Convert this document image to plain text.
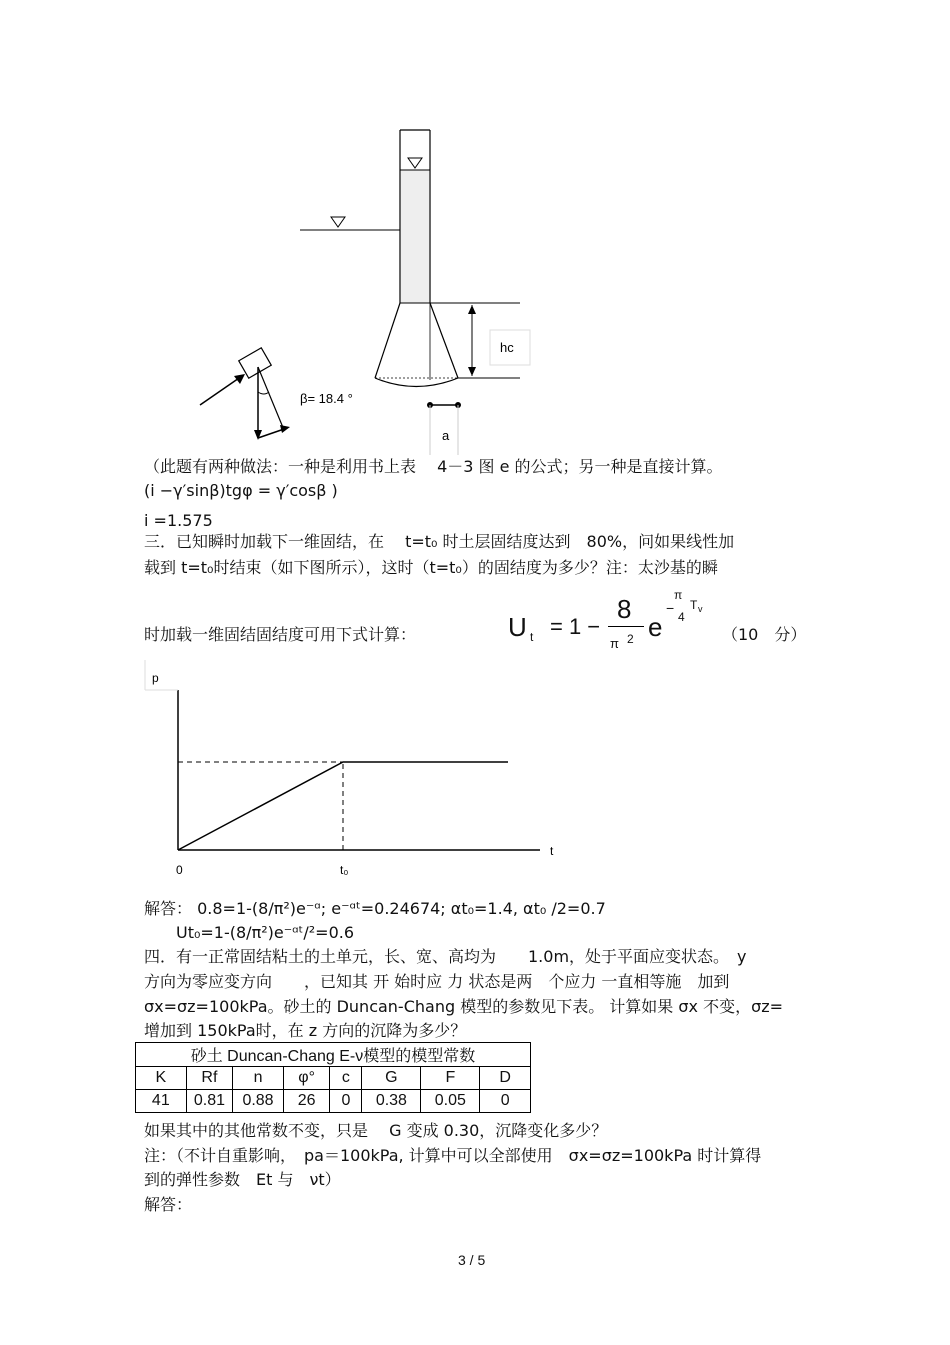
hc
a
β= 18.4 °
（此题有两种做法：一种是利用书上表　 4－3 图 e 的公式；另一种是直接计算。
(i −γ′sinβ)tgφ = γ′cosβ )
i =1.575
三．已知瞬时加载下一维固结，在　 t=t₀ 时土层固结度达到　80%，问如果线性加
载到 t=t₀时结束（如下图所示），这时（t=t₀）的固结度为多少？注：太沙基的瞬
时加载一维固结固结度可用下式计算：	U t = 1 −
8
π 2 e
−
π
4
T v
（10　分）
p
t
0	t₀
解答： 0.8=1-(8/π²)e⁻ᵅ; e⁻ᵅᵗ=0.24674; αt₀=1.4, αt₀ /2=0.7
Ut₀=1-(8/π²)e⁻ᵅᵗ/²=0.6
四．有一正常固结粘土的土单元，长、宽、高均为　　1.0m，处于平面应变状态。　y
方向为零应变方向　　，已知其 开 始时应 力 状态是两　个应力 一直相等施　加到
σx=σz=100kPa。砂土的 Duncan-Chang 模型的参数见下表。 计算如果 σx 不变，σz=
增加到 150kPa时，在 z 方向的沉降为多少？
砂土 Duncan-Chang E-ν模型的模型常数							
K	Rf	n	φ°	c	G	F	D
41	0.81	0.88	26	0	0.38	0.05	0
如果其中的其他常数不变，只是　 G 变成 0.30，沉降变化多少？
注：（不计自重影响，　pa＝100kPa, 计算中可以全部使用　σx=σz=100kPa 时计算得
到的弹性参数　Et 与　νt）
解答：
3 / 5
